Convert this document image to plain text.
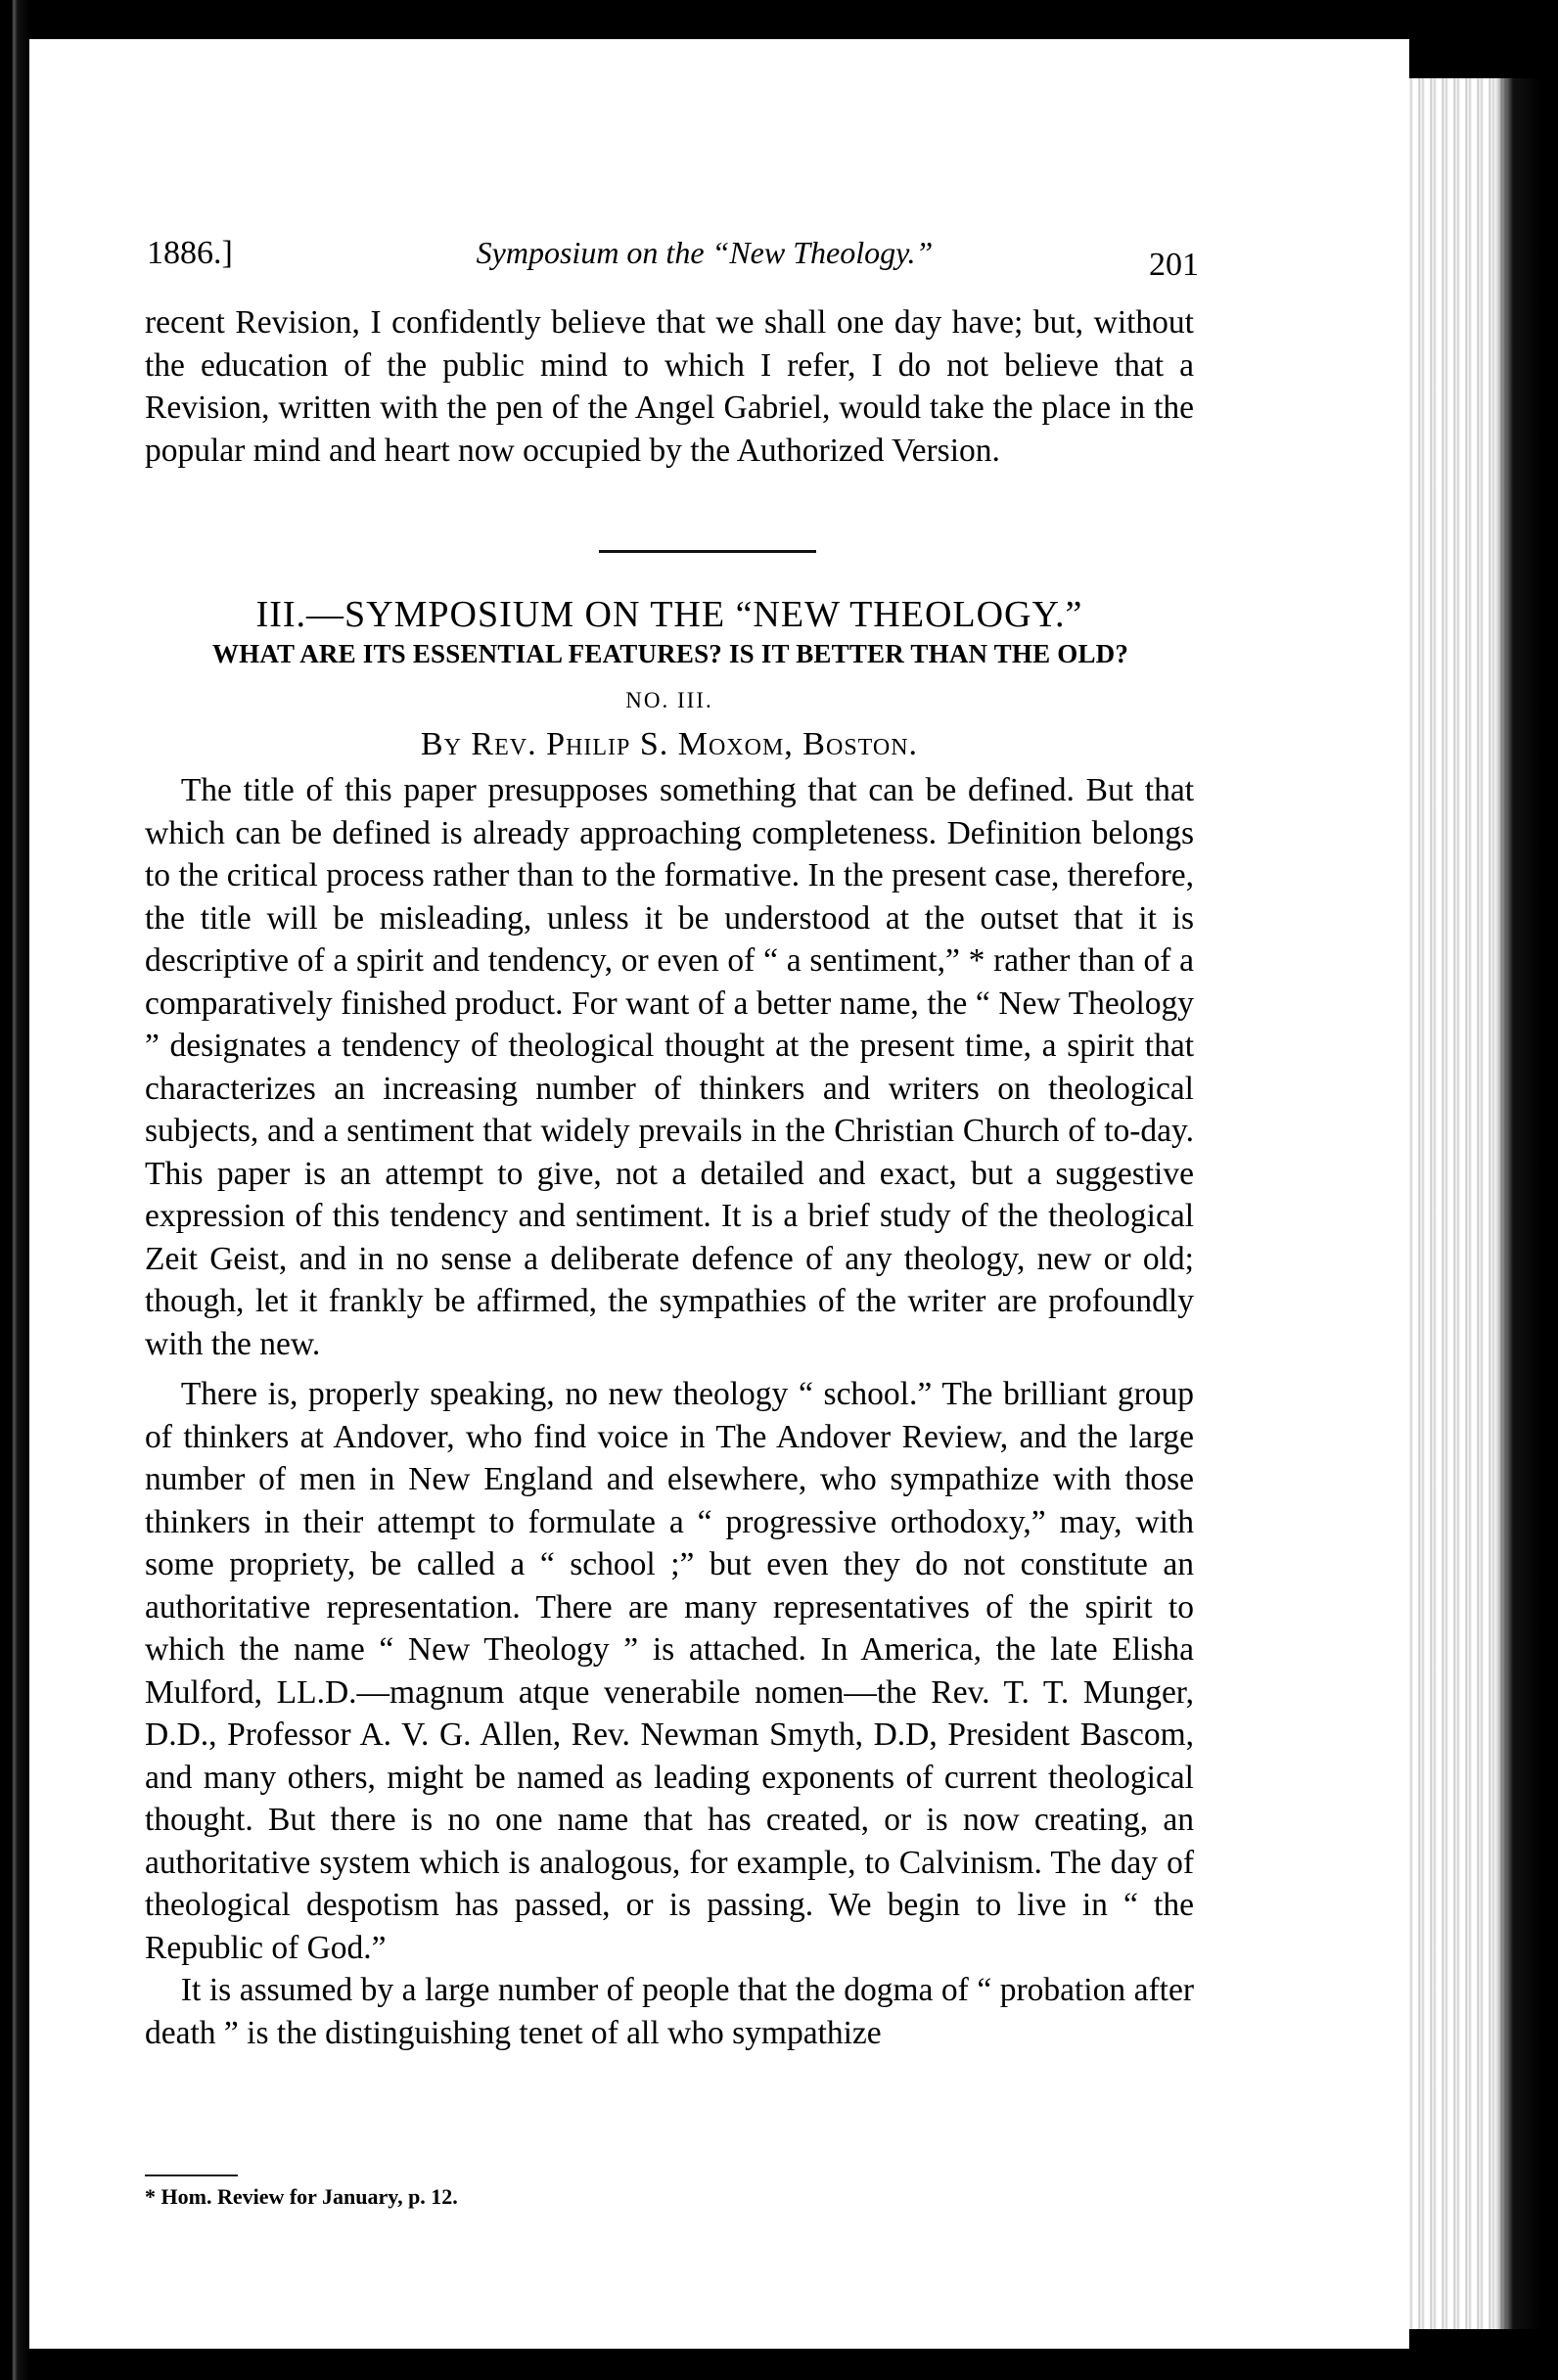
1886.]	Symposium on the “New Theology.”	201

recent Revision, I confidently believe that we shall one day have; but, without the education of the public mind to which I refer, I do not believe that a Revision, written with the pen of the Angel Gabriel, would take the place in the popular mind and heart now occupied by the Authorized Version.

III.—SYMPOSIUM ON THE “NEW THEOLOGY.”
WHAT ARE ITS ESSENTIAL FEATURES? IS IT BETTER THAN THE OLD?
NO. III.
By Rev. Philip S. Moxom, Boston.

The title of this paper presupposes something that can be defined. But that which can be defined is already approaching completeness. Definition belongs to the critical process rather than to the formative. In the present case, therefore, the title will be misleading, unless it be understood at the outset that it is descriptive of a spirit and tendency, or even of “ a sentiment,” * rather than of a comparatively finished product. For want of a better name, the “ New Theology ” designates a tendency of theological thought at the present time, a spirit that characterizes an increasing number of thinkers and writers on theological subjects, and a sentiment that widely prevails in the Christian Church of to-day. This paper is an attempt to give, not a detailed and exact, but a suggestive expression of this tendency and sentiment. It is a brief study of the theological Zeit Geist, and in no sense a deliberate defence of any theology, new or old; though, let it frankly be affirmed, the sympathies of the writer are profoundly with the new.

There is, properly speaking, no new theology “ school.” The brilliant group of thinkers at Andover, who find voice in The Andover Review, and the large number of men in New England and elsewhere, who sympathize with those thinkers in their attempt to formulate a “ progressive orthodoxy,” may, with some propriety, be called a “ school ;” but even they do not constitute an authoritative representation. There are many representatives of the spirit to which the name “ New Theology ” is attached. In America, the late Elisha Mulford, LL.D.—magnum atque venerabile nomen—the Rev. T. T. Munger, D.D., Professor A. V. G. Allen, Rev. Newman Smyth, D.D, President Bascom, and many others, might be named as leading exponents of current theological thought. But there is no one name that has created, or is now creating, an authoritative system which is analogous, for example, to Calvinism. The day of theological despotism has passed, or is passing. We begin to live in “ the Republic of God.”

It is assumed by a large number of people that the dogma of “ probation after death ” is the distinguishing tenet of all who sympathize

* Hom. Review for January, p. 12.
